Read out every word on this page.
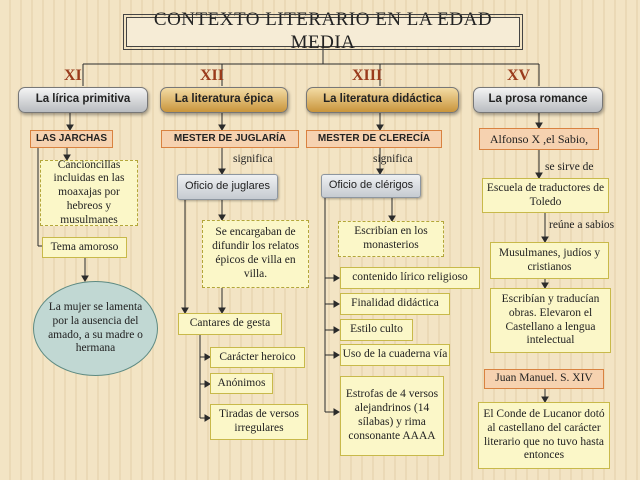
CONTEXTO LITERARIO EN LA EDAD MEDIA
XI	XII	XIII	XV
La lírica primitiva	La literatura épica	La literatura didáctica	La prosa romance
LAS JARCHAS
Cancioncillas incluidas en las moaxajas por hebreos y musulmanes
Tema amoroso
La mujer se lamenta por la ausencia del amado, a su madre o hermana
MESTER DE JUGLARÍA
significa
Oficio de juglares
Se encargaban de difundir los relatos épicos de villa en villa.
Cantares de gesta
Carácter heroico
Anónimos
Tiradas de versos irregulares
MESTER DE CLERECÍA
significa
Oficio de clérigos
Escribían en los monasterios
contenido lírico religioso
Finalidad didáctica
Estilo culto
Uso de la cuaderna vía
Estrofas de 4 versos alejandrinos (14 sílabas) y rima consonante AAAA
Alfonso X ,el Sabio,
se sirve de
Escuela de traductores de Toledo
reúne a sabios
Musulmanes, judíos y cristianos
Escribían y traducían obras. Elevaron el Castellano a lengua intelectual
Juan Manuel. S. XIV
El Conde de Lucanor dotó al castellano del carácter literario que no tuvo hasta entonces
